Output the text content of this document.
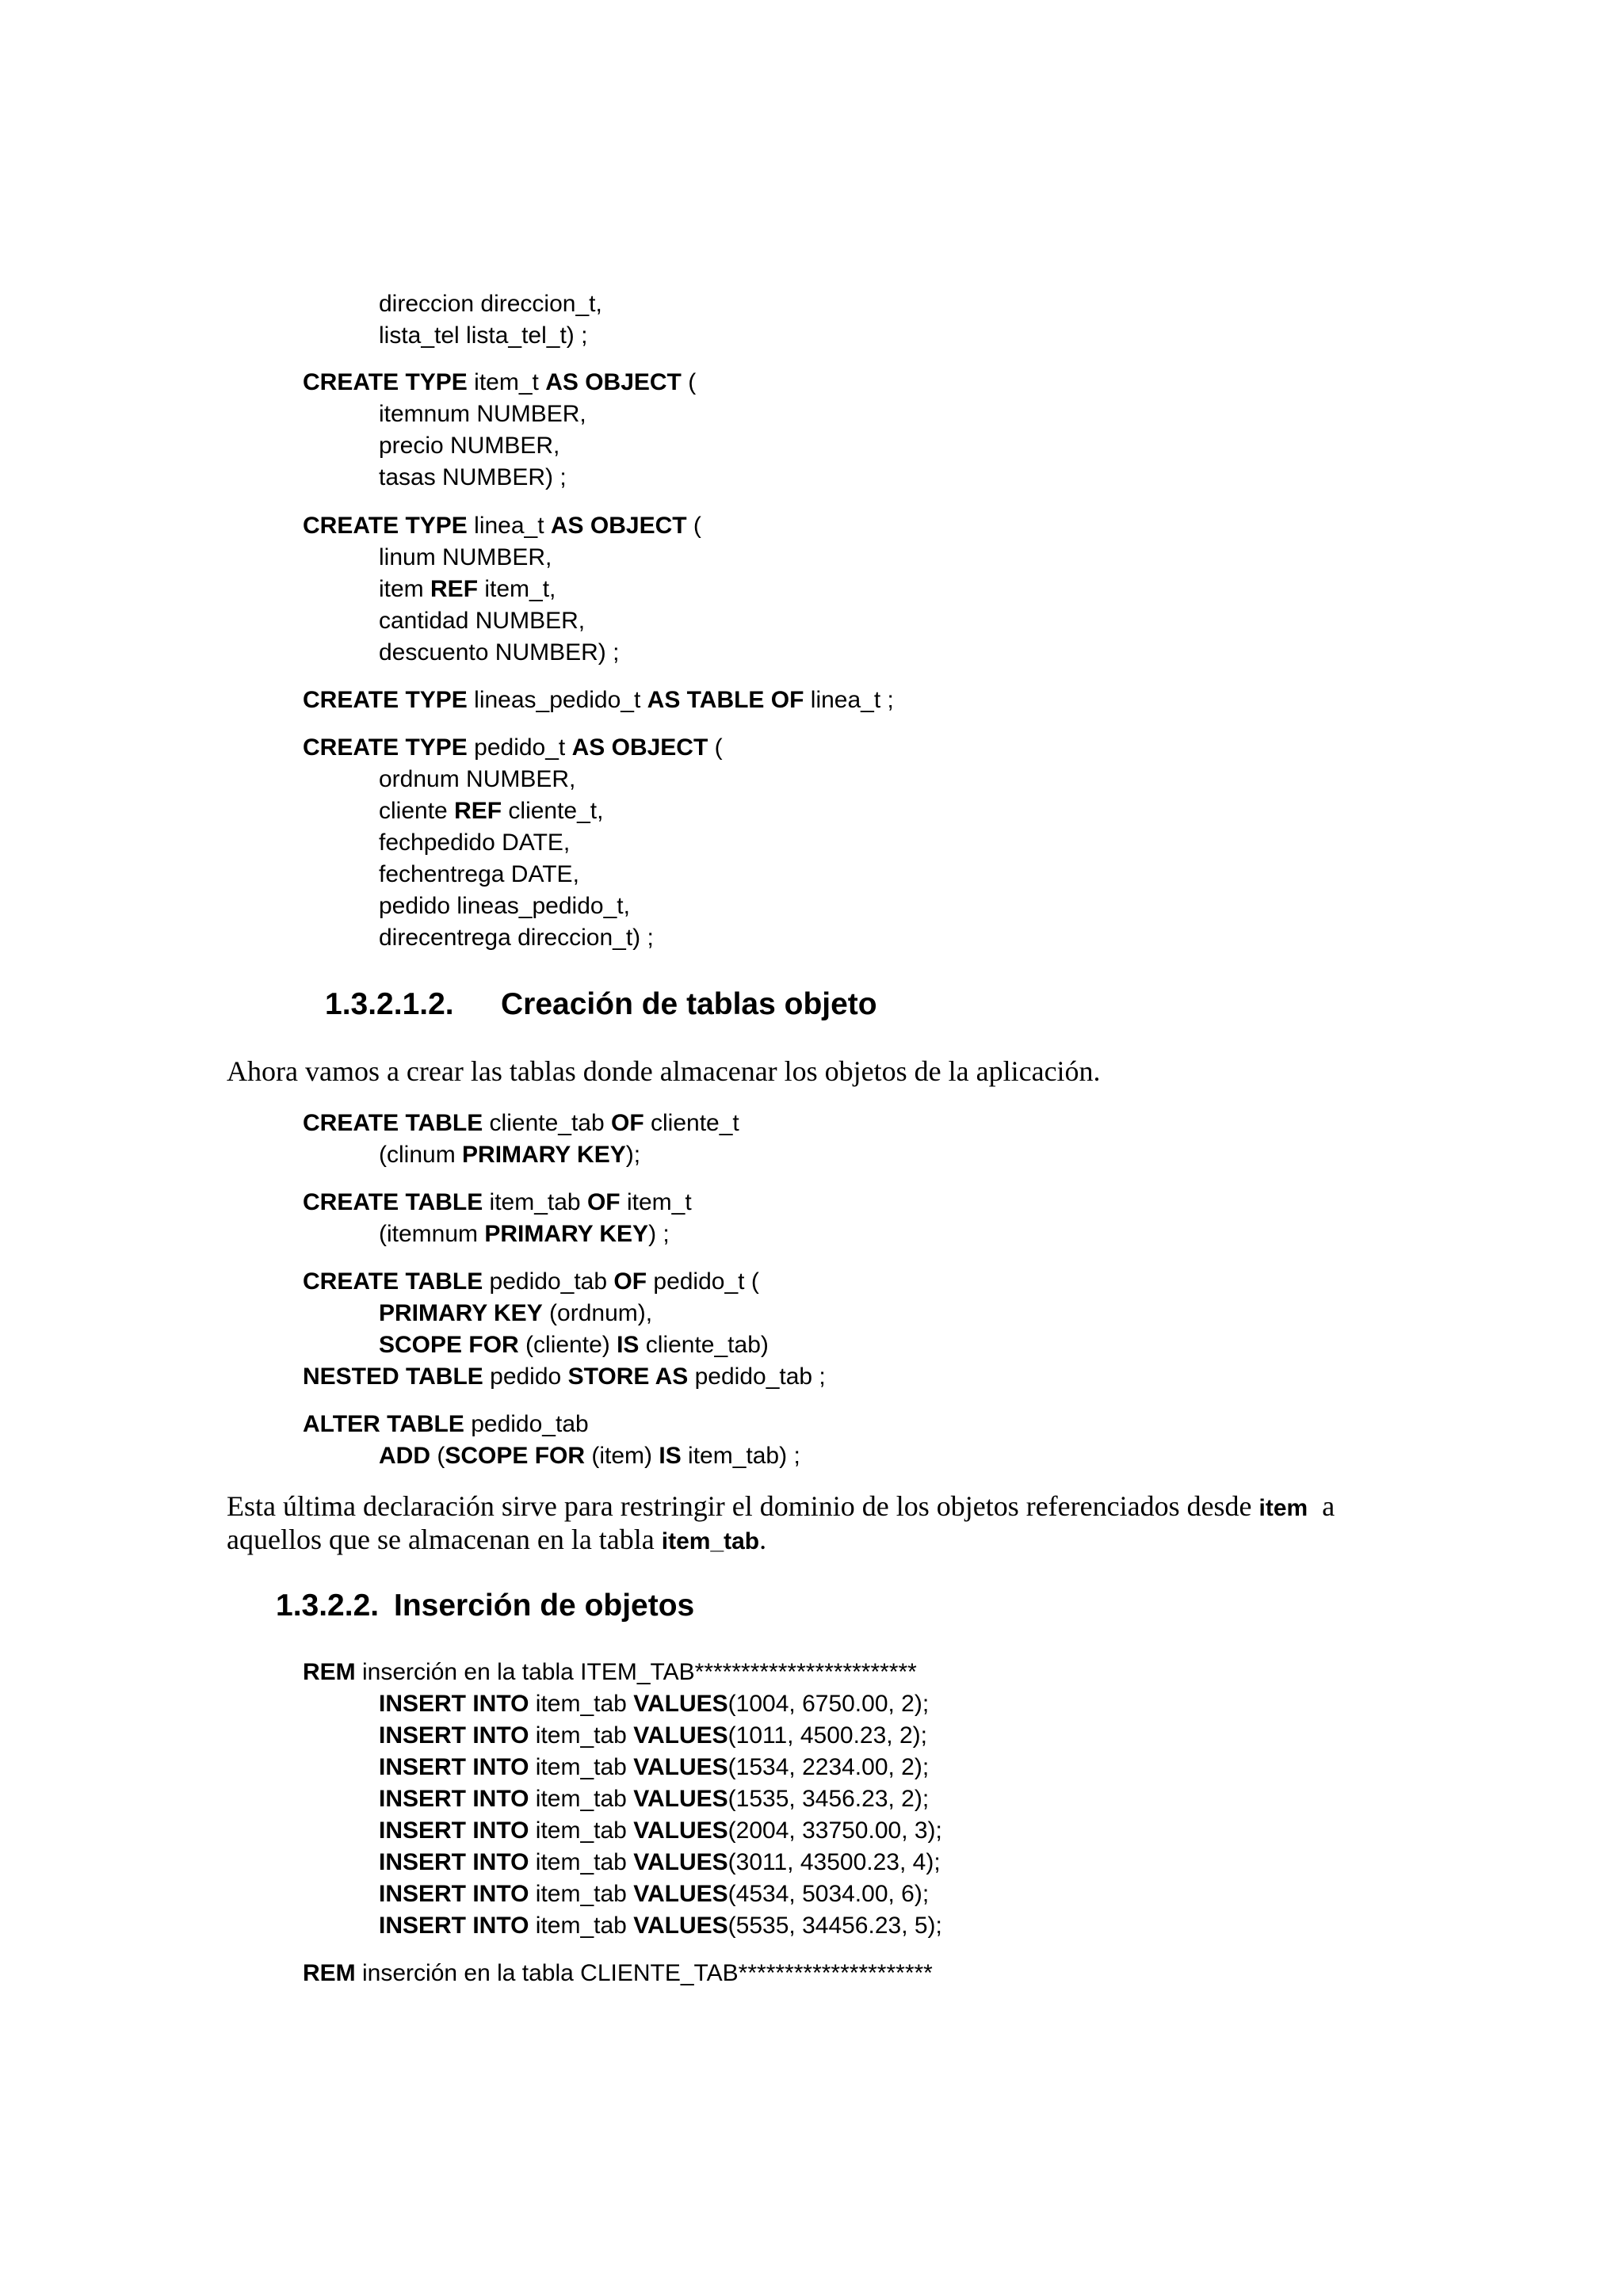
direccion direccion_t,
lista_tel lista_tel_t) ;
CREATE TYPE item_t AS OBJECT (
itemnum NUMBER,
precio NUMBER,
tasas NUMBER) ;
CREATE TYPE linea_t AS OBJECT (
linum NUMBER,
item REF item_t,
cantidad NUMBER,
descuento NUMBER) ;
CREATE TYPE lineas_pedido_t AS TABLE OF linea_t ;
CREATE TYPE pedido_t AS OBJECT (
ordnum NUMBER,
cliente REF cliente_t,
fechpedido DATE,
fechentrega DATE,
pedido lineas_pedido_t,
direcentrega direccion_t) ;
1.3.2.1.2. Creación de tablas objeto
Ahora vamos a crear las tablas donde almacenar los objetos de la aplicación.
CREATE TABLE cliente_tab OF cliente_t
(clinum PRIMARY KEY);
CREATE TABLE item_tab OF item_t
(itemnum PRIMARY KEY) ;
CREATE TABLE pedido_tab OF pedido_t (
PRIMARY KEY (ordnum),
SCOPE FOR (cliente) IS cliente_tab)
NESTED TABLE pedido STORE AS pedido_tab ;
ALTER TABLE pedido_tab
ADD (SCOPE FOR (item) IS item_tab) ;
Esta última declaración sirve para restringir el dominio de los objetos referenciados desde item  a
aquellos que se almacenan en la tabla item_tab.
1.3.2.2. Inserción de objetos
REM inserción en la tabla ITEM_TAB************************
INSERT INTO item_tab VALUES(1004, 6750.00, 2);
INSERT INTO item_tab VALUES(1011, 4500.23, 2);
INSERT INTO item_tab VALUES(1534, 2234.00, 2);
INSERT INTO item_tab VALUES(1535, 3456.23, 2);
INSERT INTO item_tab VALUES(2004, 33750.00, 3);
INSERT INTO item_tab VALUES(3011, 43500.23, 4);
INSERT INTO item_tab VALUES(4534, 5034.00, 6);
INSERT INTO item_tab VALUES(5535, 34456.23, 5);
REM inserción en la tabla CLIENTE_TAB*********************
